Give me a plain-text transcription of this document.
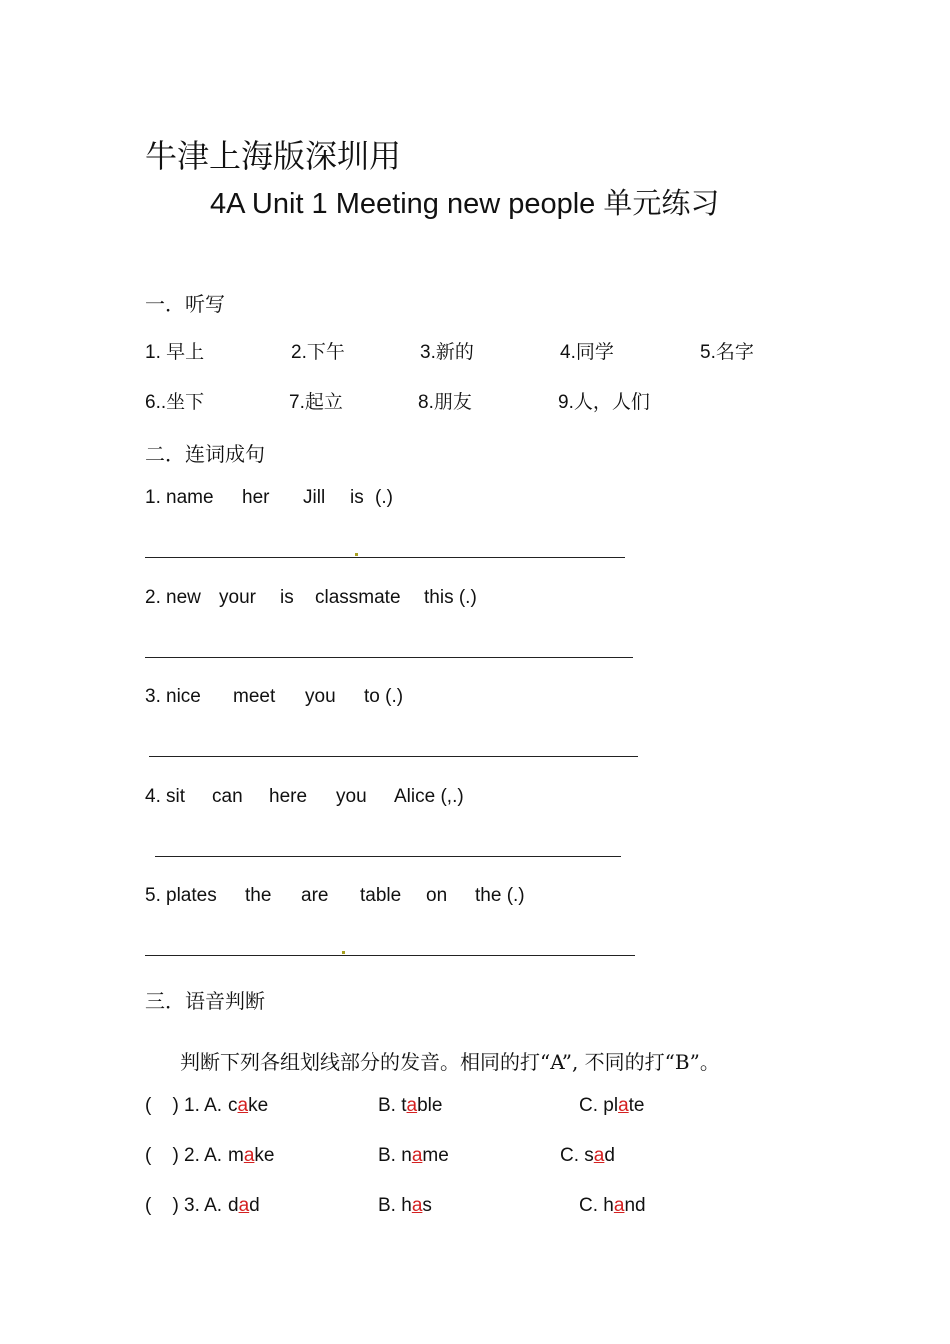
牛津上海版深圳用
4A Unit 1 Meeting new people 单元练习
一．听写
1. 早上	2.下午	3.新的	4.同学	5.名字
6..坐下	7.起立	8.朋友	9.人，人们
二．连词成句
1. name her Jill is (.)
2. new your is classmate this (.)
3. nice meet you to (.)
4. sit can here you Alice (,.)
5. plates the are table on the (.)
三．语音判断
判断下列各组划线部分的发音。相同的打“A”, 不同的打“B”。
(    ) 1. A. cake	B. table	C. plate
(    ) 2. A. make	B. name	C. sad
(    ) 3. A. dad	B. has	C. hand
